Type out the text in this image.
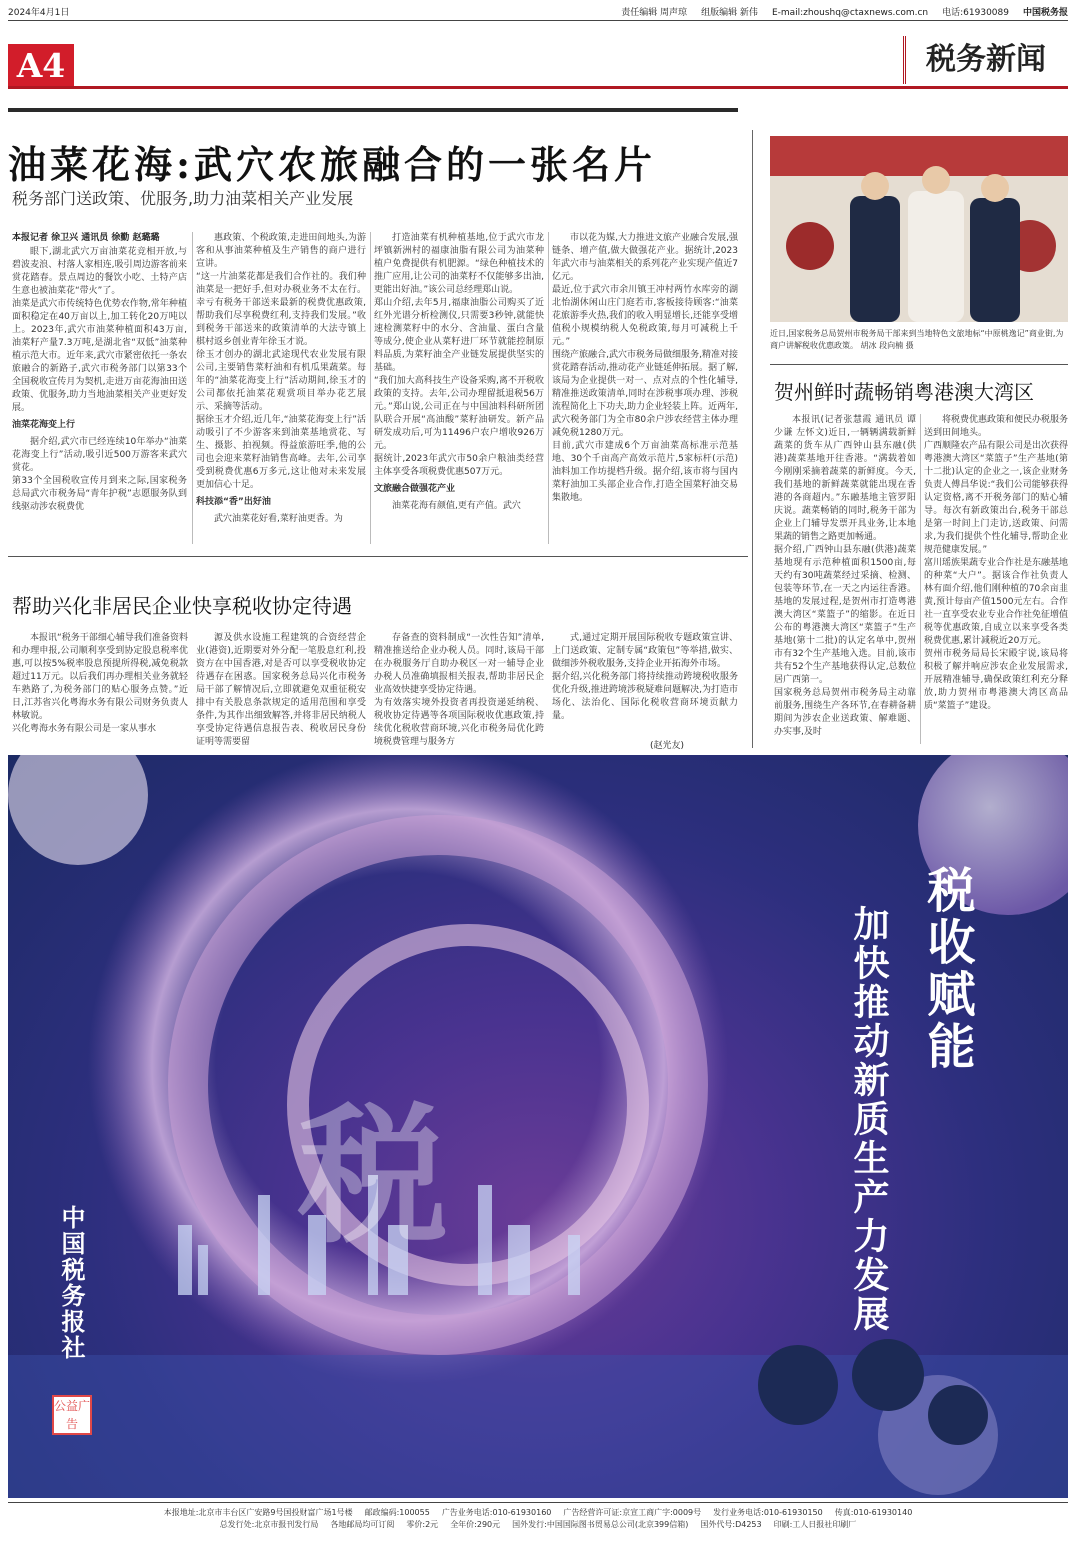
2024年4月1日	责任编辑 周声琼 组版编辑 新伟 E-mail:zhoushq@ctaxnews.com.cn 电话:61930089 中国税务报
A4	税务新闻
油菜花海:武穴农旅融合的一张名片
税务部门送政策、优服务,助力油菜相关产业发展
本报记者 徐卫兴 通讯员 徐勤 赵璐璐

眼下,湖北武穴万亩油菜花竞相开放,与碧波麦浪、村落人家相连,吸引周边游客前来赏花踏春。景点周边的餐饮小吃、土特产店生意也被油菜花“带火”了。
油菜是武穴市传统特色优势农作物,常年种植面积稳定在40万亩以上,加工转化20万吨以上。2023年,武穴市油菜种植面积43万亩,油菜籽产量7.3万吨,是湖北省“双低”油菜种植示范大市。近年来,武穴市紧密依托一条农旅融合的新路子,武穴市税务部门以第33个全国税收宣传月为契机,走进万亩花海油田送政策、优服务,助力当地油菜相关产业更好发展。

油菜花海变上行

据介绍,武穴市已经连续10年举办“油菜花海变上行”活动,吸引近500万游客来武穴赏花。
第33个全国税收宣传月到来之际,国家税务总局武穴市税务局“青年护税”志愿服务队到线驱动涉农税费优

惠政策、个税政策,走进田间地头,为游客和从事油菜种植及生产销售的商户进行宣讲。
“这一片油菜花都是我们合作社的。我们种油菜是一把好手,但对办税业务不太在行。幸亏有税务干部送来最新的税费优惠政策,帮助我们尽享税费红利,支持我们发展。”收到税务干部送来的政策清单的大法寺镇上棋村返乡创业青年徐玉才说。
徐玉才创办的湖北武途现代农业发展有限公司,主要销售菜籽油和有机瓜果蔬菜。每年的“油菜花海变上行”活动期间,徐玉才的公司都依托油菜花观赏项目举办花艺展示、采摘等活动。
据徐玉才介绍,近几年,“油菜花海变上行”活动吸引了不少游客来到油菜基地赏花、写生、摄影、拍视频。得益旅游旺季,他的公司也会迎来菜籽油销售高峰。去年,公司享受到税费优惠6万多元,这让他对未来发展更加信心十足。

科技添“香”出好油

武穴油菜花好看,菜籽油更香。为

打造油菜有机种植基地,位于武穴市龙坪镇新洲村的福康油脂有限公司为油菜种植户免费提供有机肥源。“绿色种植技术的推广应用,让公司的油菜籽不仅能够多出油,更能出好油。”该公司总经理郑山说。
郑山介绍,去年5月,福康油脂公司购买了近红外光谱分析检测仪,只需要3秒钟,就能快速检测菜籽中的水分、含油量、蛋白含量等成分,使企业从菜籽进厂环节就能控制原料品质,为菜籽油全产业链发展提供坚实的基础。
“我们加大高科技生产设备采购,离不开税收政策的支持。去年,公司办理留抵退税56万元。”郑山说,公司正在与中国油料科研所团队联合开展“高油酸”菜籽油研发。新产品研发成功后,可为11496户农户增收926万元。
据统计,2023年武穴市50余户粮油类经营主体享受各项税费优惠507万元。

文旅融合做强花产业

油菜花海有颜值,更有产值。武穴

市以花为媒,大力推进文旅产业融合发展,强链条、增产值,做大做强花产业。据统计,2023年武穴市与油菜相关的系列花产业实现产值近7亿元。
最近,位于武穴市余川镇王冲村两竹水库旁的湖北怡湖休闲山庄门庭若市,客板接待顾客:“油菜花旅游季火热,我们的收入明显增长,还能享受增值税小规模纳税人免税政策,每月可减税上千元。”
围绕产旅融合,武穴市税务局做细服务,精准对接赏花踏春活动,推动花产业链延伸拓展。据了解,该局为企业提供一对一、点对点的个性化辅导,精准推送政策清单,同时在涉税事项办理、涉税流程简化上下功夫,助力企业轻装上阵。近两年,武穴税务部门为全市80余户涉农经营主体办理减免税1280万元。
目前,武穴市建成6个万亩油菜高标准示范基地、30个千亩高产高效示范片,5家标杆(示范)油料加工作坊提档升级。据介绍,该市将与国内菜籽油加工头部企业合作,打造全国菜籽油交易集散地。

近日,国家税务总局贺州市税务局干部来到当地特色文旅地标“中原桃逸记”商业街,为商户讲解税收优惠政策。 胡冰 段向楠 摄
贺州鲜时蔬畅销粤港澳大湾区

本报讯(记者张慧霞 通讯员 谭少谦 左怀文)近日,一辆辆满载新鲜蔬菜的货车从广西钟山县东融(供港)蔬菜基地开往香港。“满载着如今刚刚采摘着蔬菜的新鲜度。今天,我们基地的新鲜蔬菜就能出现在香港的各商超内。”东融基地主管罗阳庆说。蔬菜畅销的同时,税务干部为企业上门辅导发票开具业务,让本地果蔬的销售之路更加畅通。
据介绍,广西钟山县东融(供港)蔬菜基地现有示范种植面积1500亩,每天约有30吨蔬菜经过采摘、检测、包装等环节,在一天之内运往香港。基地的发展过程,是贺州市打造粤港澳大湾区“菜篮子”的缩影。在近日公布的粤港澳大湾区“菜篮子”生产基地(第十二批)的认定名单中,贺州市有32个生产基地入选。目前,该市共有52个生产基地获得认定,总数位居广西第一。
国家税务总局贺州市税务局主动靠前服务,围绕生产各环节,在春耕备耕期间为涉农企业送政策、解难题、办实事,及时

将税费优惠政策和便民办税服务送到田间地头。
广西顺隆农产品有限公司是出次获得粤港澳大湾区“菜篮子”生产基地(第十二批)认定的企业之一,该企业财务负责人傅昌华说:“我们公司能够获得认定资格,离不开税务部门的贴心辅导。每次有新政策出台,税务干部总是第一时间上门走访,送政策、问需求,为我们提供个性化辅导,帮助企业规范健康发展。”
富川瑶族果蔬专业合作社是东融基地的种菜“大户”。据该合作社负责人林有面介绍,他们刚种植的70余亩韭黄,预计每亩产值1500元左右。合作社一直享受农业专业合作社免征增值税等优惠政策,自成立以来享受各类税费优惠,累计减税近20万元。
贺州市税务局局长宋殿宇说,该局将积极了解并响应涉农企业发展需求,开展精准辅导,确保政策红利充分释放,助力贺州市粤港澳大湾区高品质“菜篮子”建设。

帮助兴化非居民企业快享税收协定待遇

本报讯“税务干部细心辅导我们准备资料和办理申报,公司顺利享受到协定股息税率优惠,可以按5%税率股息预提所得税,减免税款超过11万元。以后我们再办理相关业务就轻车熟路了,为税务部门的贴心服务点赞。”近日,江苏省兴化粤海水务有限公司财务负责人林敏说。
兴化粤海水务有限公司是一家从事水

源及供水设施工程建筑的合资经营企业(港资),近期要对外分配一笔股息红利,投资方在中国香港,对是否可以享受税收协定待遇存在困惑。国家税务总局兴化市税务局干部了解情况后,立即就避免双重征税安排中有关股息条款规定的适用范围和享受条件,为其作出细致解答,并将非居民纳税人享受协定待遇信息报告表、税收居民身份证明等需要留

存备查的资料制成“一次性告知”清单,精准推送给企业办税人员。同时,该局干部在办税服务厅自助办税区一对一辅导企业办税人员准确填报相关报表,帮助非居民企业高效快捷享受协定待遇。
为有效落实境外投资者再投资递延纳税、税收协定待遇等各项国际税收优惠政策,持续优化税收营商环境,兴化市税务局优化跨境税费管理与服务方

式,通过定期开展国际税收专题政策宣讲、上门送政策、定制专属“政策包”等举措,做实、做细涉外税收服务,支持企业开拓海外市场。
据介绍,兴化税务部门将持续推动跨境税收服务优化升级,推进跨境涉税疑难问题解决,为打造市场化、法治化、国际化税收营商环境贡献力量。

(赵光友)
税
税收赋能
加快推动新质生产力发展
中国税务报社
公益广告
本报地址:北京市丰台区广安路9号国投财富广场1号楼 邮政编码:100055 广告业务电话:010-61930160 广告经营许可证:京宣工商广字:0009号 发行业务电话:010-61930150 传真:010-61930140
总发行处:北京市报刊发行局 各地邮局均可订阅 零价:2元 全年价:290元 国外发行:中国国际图书贸易总公司(北京399信箱) 国外代号:D4253 印刷:工人日报社印刷厂
